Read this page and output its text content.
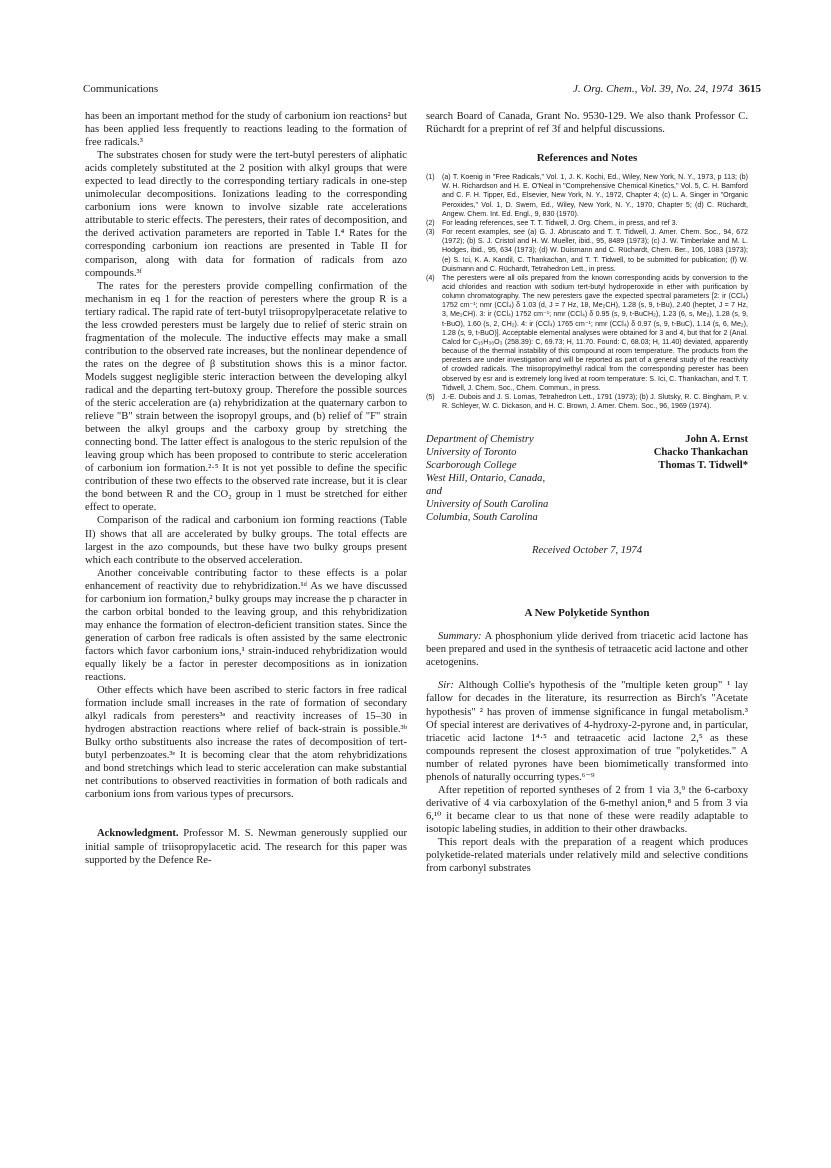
Communications	J. Org. Chem., Vol. 39, No. 24, 1974 3615

has been an important method for the study of carbonium ion reactions² but has been applied less frequently to reactions leading to the formation of free radicals.³

The substrates chosen for study were the tert-butyl peresters of aliphatic acids completely substituted at the 2 position with alkyl groups that were expected to lead directly to the corresponding tertiary radicals in one-step unimolecular decompositions. Ionizations leading to the corresponding carbonium ions were known to involve sizable rate accelerations attributable to steric effects. The peresters, their rates of decomposition, and the derived activation parameters are reported in Table I.⁴ Rates for the corresponding carbonium ion reactions are presented in Table II for comparison, along with data for formation of radicals from azo compounds.³ᶠ

The rates for the peresters provide compelling confirmation of the mechanism in eq 1 for the reaction of peresters where the group R is a tertiary radical. The rapid rate of tert-butyl triisopropylperacetate relative to the less crowded peresters must be largely due to relief of steric strain on fragmentation of the molecule. The inductive effects may make a small contribution to the observed rate increases, but the nonlinear dependence of the rates on the degree of β substitution shows this is a minor factor. Models suggest negligible steric interaction between the developing alkyl radical and the departing tert-butoxy group. Therefore the possible sources of the steric acceleration are (a) rehybridization at the quaternary carbon to relieve "B" strain between the isopropyl groups, and (b) relief of "F" strain between the alkyl groups and the carboxy group by stretching the connecting bond. The latter effect is analogous to the steric repulsion of the leaving group which has been proposed to contribute to steric acceleration of carbonium ion formation.²·⁵ It is not yet possible to define the specific contribution of these two effects to the observed rate increase, but it is clear the bond between R and the CO₂ group in 1 must be stretched for either effect to operate.

Comparison of the radical and carbonium ion forming reactions (Table II) shows that all are accelerated by bulky groups. The total effects are largest in the azo compounds, but these have two bulky groups present which each contribute to the observed acceleration.

Another conceivable contributing factor to these effects is a polar enhancement of reactivity due to rehybridization.¹ᵈ As we have discussed for carbonium ion formation,² bulky groups may increase the p character in the carbon orbital bonded to the leaving group, and this rehybridization may enhance the formation of electron-deficient transition states. Since the generation of carbon free radicals is often assisted by the same electronic factors which favor carbonium ions,¹ strain-induced rehybridization would equally likely be a factor in perester decompositions as in ionization reactions.

Other effects which have been ascribed to steric factors in free radical formation include small increases in the rate of formation of secondary alkyl radicals from peresters³ᵃ and reactivity increases of 15–30 in hydrogen abstraction reactions where relief of back-strain is possible.³ᵇ Bulky ortho substituents also increase the rates of decomposition of tert-butyl perbenzoates.³ᵉ It is becoming clear that the atom rehybridizations and bond stretchings which lead to steric acceleration can make substantial net contributions to observed reactivities in formation of both radicals and carbonium ions from various types of precursors.

Acknowledgment. Professor M. S. Newman generously supplied our initial sample of triisopropylacetic acid. The research for this paper was supported by the Defence Re-

search Board of Canada, Grant No. 9530-129. We also thank Professor C. Rüchardt for a preprint of ref 3f and helpful discussions.

References and Notes
(1)	(a) T. Koenig in "Free Radicals," Vol. 1, J. K. Kochi, Ed., Wiley, New York, N. Y., 1973, p 113; (b) W. H. Richardson and H. E. O'Neal in "Comprehensive Chemical Kinetics," Vol. 5, C. H. Bamford and C. F. H. Tipper, Ed., Elsevier, New York, N. Y., 1972, Chapter 4; (c) L. A. Singer in "Organic Peroxides," Vol. 1, D. Swern, Ed., Wiley, New York, N. Y., 1970, Chapter 5; (d) C. Rüchardt, Angew. Chem. Int. Ed. Engl., 9, 830 (1970).
(2)	For leading references, see T. T. Tidwell, J. Org. Chem., in press, and ref 3.
(3)	For recent examples, see (a) G. J. Abruscato and T. T. Tidwell, J. Amer. Chem. Soc., 94, 672 (1972); (b) S. J. Cristol and H. W. Mueller, ibid., 95, 8489 (1973); (c) J. W. Timberlake and M. L. Hodges, ibid., 95, 634 (1973); (d) W. Duismann and C. Rüchardt, Chem. Ber., 106, 1083 (1973); (e) S. Ici, K. A. Kandil, C. Thankachan, and T. T. Tidwell, to be submitted for publication; (f) W. Duismann and C. Rüchardt, Tetrahedron Lett., in press.
(4)	The peresters were all oils prepared from the known corresponding acids by conversion to the acid chlorides and reaction with sodium tert-butyl hydroperoxide in ether with purification by column chromatography. The new peresters gave the expected spectral parameters [2: ir (CCl₄) 1752 cm⁻¹; nmr (CCl₄) δ 1.03 (d, J = 7 Hz, 18, Me₂CH), 1.28 (s, 9, t-Bu), 2.40 (heptet, J = 7 Hz, 3, Me₂CH). 3: ir (CCl₄) 1752 cm⁻¹; nmr (CCl₄) δ 0.95 (s, 9, t-BuCH₂), 1.23 (6, s, Me₂), 1.28 (s, 9, t-BuO), 1.60 (s, 2, CH₂). 4: ir (CCl₄) 1765 cm⁻¹; nmr (CCl₄) δ 0.97 (s, 9, t-BuC), 1.14 (s, 6, Me₂), 1.28 (s, 9, t-BuO)]. Acceptable elemental analyses were obtained for 3 and 4, but that for 2 (Anal. Calcd for C₁₅H₃₀O₃ (258.39): C, 69.73; H, 11.70. Found: C, 68.03; H, 11.40) deviated, apparently because of the thermal instability of this compound at room temperature. The products from the peresters are under investigation and will be reported as part of a general study of the reactivity of crowded radicals. The triisopropylmethyl radical from the corresponding perester has been observed by esr and is extremely long lived at room temperature: S. Ici, C. Thankachan, and T. T. Tidwell, J. Chem. Soc., Chem. Commun., in press.
(5)	J.-E. Dubois and J. S. Lomas, Tetrahedron Lett., 1791 (1973); (b) J. Slutsky, R. C. Bingham, P. v. R. Schleyer, W. C. Dickason, and H. C. Brown, J. Amer. Chem. Soc., 96, 1969 (1974).
Department of Chemistry
University of Toronto
Scarborough College
West Hill, Ontario, Canada,
and
University of South Carolina
Columbia, South Carolina
John A. Ernst
Chacko Thankachan
Thomas T. Tidwell*
Received October 7, 1974
A New Polyketide Synthon

Summary: A phosphonium ylide derived from triacetic acid lactone has been prepared and used in the synthesis of tetraacetic acid lactone and other acetogenins.

Sir: Although Collie's hypothesis of the "multiple keten group" ¹ lay fallow for decades in the literature, its resurrection as Birch's "Acetate hypothesis" ² has proven of immense significance in fungal metabolism.³ Of special interest are derivatives of 4-hydroxy-2-pyrone and, in particular, triacetic acid lactone 1⁴·⁵ and tetraacetic acid lactone 2,⁵ as these compounds represent the closest approximation of true "polyketides." A number of related pyrones have been biomimetically transformed into phenols of naturally occurring types.⁶⁻⁹

After repetition of reported syntheses of 2 from 1 via 3,⁹ the 6-carboxy derivative of 4 via carboxylation of the 6-methyl anion,⁸ and 5 from 3 via 6,¹⁰ it became clear to us that none of these were readily adaptable to isotopic labeling studies, in addition to their other drawbacks.

This report deals with the preparation of a reagent which produces polyketide-related materials under relatively mild and selective conditions from carbonyl substrates
